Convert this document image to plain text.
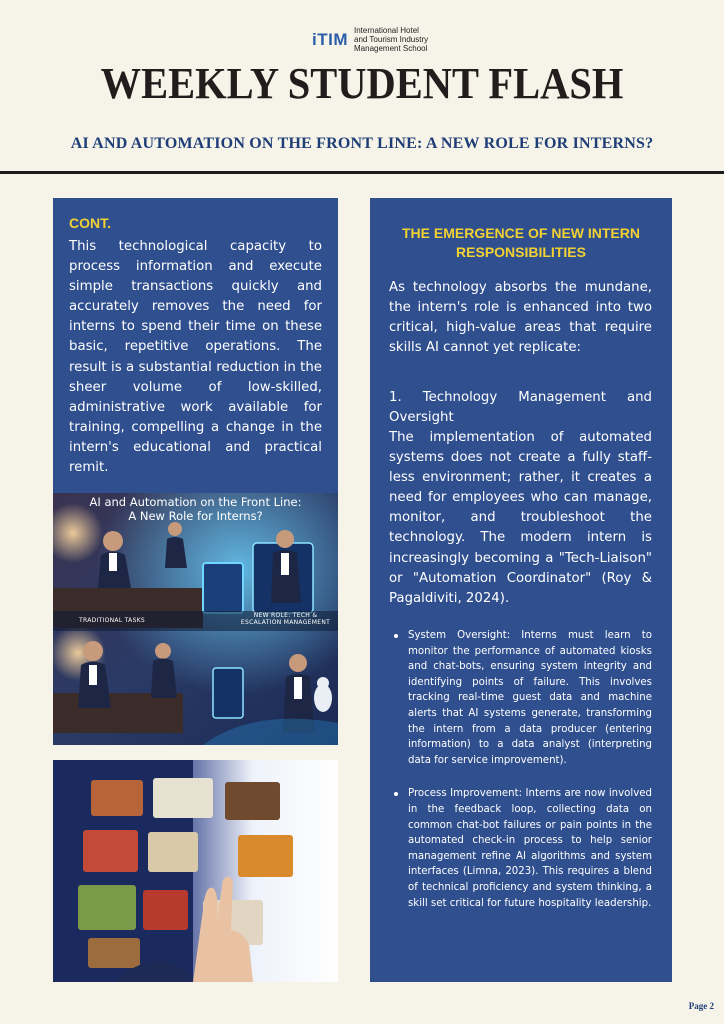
iTIM International Hotel
and Tourism Industry
Management School
WEEKLY STUDENT FLASH
AI AND AUTOMATION ON THE FRONT LINE: A NEW ROLE FOR INTERNS?
CONT.

This technological capacity to process information and execute simple transactions quickly and accurately removes the need for interns to spend their time on these basic, repetitive operations. The result is a substantial reduction in the sheer volume of low-skilled, administrative work available for training, compelling a change in the intern's educational and practical remit.

AI and Automation on the Front Line:
A New Role for Interns?
TRADITIONAL TASKS
NEW ROLE: TECH &
ESCALATION MANAGEMENT
THE EMERGENCE OF NEW INTERN RESPONSIBILITIES

As technology absorbs the mundane, the intern's role is enhanced into two critical, high-value areas that require skills AI cannot yet replicate:

1. Technology Management and

Oversight

The implementation of automated systems does not create a fully staff-less environment; rather, it creates a need for employees who can manage, monitor, and troubleshoot the technology. The modern intern is increasingly becoming a "Tech-Liaison" or "Automation Coordinator" (Roy & Pagaldiviti, 2024).

System Oversight: Interns must learn to monitor the performance of automated kiosks and chat-bots, ensuring system integrity and identifying points of failure. This involves tracking real-time guest data and machine alerts that AI systems generate, transforming the intern from a data producer (entering information) to a data analyst (interpreting data for service improvement).
Process Improvement: Interns are now involved in the feedback loop, collecting data on common chat-bot failures or pain points in the automated check-in process to help senior management refine AI algorithms and system interfaces (Limna, 2023). This requires a blend of technical proficiency and system thinking, a skill set critical for future hospitality leadership.
Page 2
